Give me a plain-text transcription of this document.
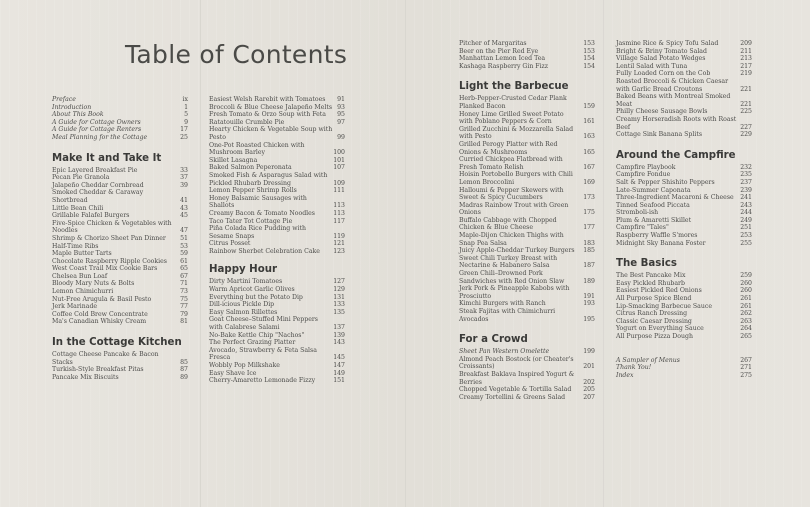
Table of Contents
Preface	ix
Introduction	1
About This Book	5
A Guide for Cottage Owners	9
A Guide for Cottage Renters	17
Meal Planning for the Cottage	25
Make It and Take It
Epic Layered Breakfast Pie	33
Pecan Pie Granola	37
Jalapeño Cheddar Cornbread	39
Smoked Cheddar & Caraway Shortbread	41
Little Bean Chili	43
Grillable Falafel Burgers	45
Five-Spice Chicken & Vegetables with Noodles	47
Shrimp & Chorizo Sheet Pan Dinner	51
Half-Time Ribs	53
Maple Butter Tarts	59
Chocolate Raspberry Ripple Cookies	61
West Coast Trail Mix Cookie Bars	65
Chelsea Bun Loaf	67
Bloody Mary Nuts & Bolts	71
Lemon Chimichurri	73
Nut-Free Arugula & Basil Pesto	75
Jerk Marinade	77
Coffee Cold Brew Concentrate	79
Ma's Canadian Whisky Cream	81
In the Cottage Kitchen
Cottage Cheese Pancake & Bacon Stacks	85
Turkish-Style Breakfast Pitas	87
Pancake Mix Biscuits	89
Easiest Welsh Rarebit with Tomatoes	91
Broccoli & Blue Cheese Jalapeño Melts 93
Fresh Tomato & Orzo Soup with Feta	95
Ratatouille Crumble Pie	97
Hearty Chicken & Vegetable Soup with Pesto	99
One-Pot Roasted Chicken with Mushroom Barley	100
Skillet Lasagna	101
Baked Salmon Peperonata	107
Smoked Fish & Asparagus Salad with Pickled Rhubarb Dressing	109
Lemon Pepper Shrimp Rolls	111
Honey Balsamic Sausages with Shallots	113
Creamy Bacon & Tomato Noodles	113
Taco Tater Tot Cottage Pie	117
Piña Colada Rice Pudding with Sesame Snaps	119
Citrus Posset	121
Rainbow Sherbet Celebration Cake	123
Happy Hour
Dirty Martini Tomatoes	127
Warm Apricot Garlic Olives	129
Everything but the Potato Dip	131
Dill-icious Pickle Dip	133
Easy Salmon Rillettes	135
Goat Cheese–Stuffed Mini Peppers with Calabrese Salami	137
No-Bake Kettle Chip "Nachos"	139
The Perfect Grazing Platter	143
Avocado, Strawberry & Feta Salsa Fresca	145
Wobbly Pop Milkshake	147
Easy Shave Ice	149
Cherry-Amaretto Lemonade Fizzy	151
Pitcher of Margaritas	153
Beer on the Pier Red Eye	153
Manhattan Lemon Iced Tea	154
Kashaga Raspberry Gin Fizz	154
Light the Barbecue
Herb-Pepper-Crusted Cedar Plank Planked Bacon	159
Honey Lime Grilled Sweet Potato with Poblano Peppers & Corn	161
Grilled Zucchini & Mozzarella Salad with Pesto	163
Grilled Perogy Platter with Red Onions & Mushrooms	165
Curried Chickpea Flatbread with Fresh Tomato Relish	167
Hoisin Portobello Burgers with Chili Lemon Broccolini	169
Halloumi & Pepper Skewers with Sweet & Spicy Cucumbers	173
Madras Rainbow Trout with Green Onions	175
Buffalo Cabbage with Chopped Chicken & Blue Cheese	177
Maple-Dijon Chicken Thighs with Snap Pea Salsa	183
Juicy Apple-Cheddar Turkey Burgers	185
Sweet Chili Turkey Breast with Nectarine & Habanero Salsa	187
Green Chili–Drowned Pork Sandwiches with Red Onion Slaw	189
Jerk Pork & Pineapple Kabobs with Prosciutto	191
Kimchi Burgers with Ranch	193
Steak Fajitas with Chimichurri Avocados	195
For a Crowd
Sheet Pan Western Omelette	199
Almond Peach Bostock (or Cheater's Croissants)	201
Breakfast Baklava Inspired Yogurt & Berries	202
Chopped Vegetable & Tortilla Salad	205
Creamy Tortellini & Greens Salad	207
Jasmine Rice & Spicy Tofu Salad	209
Bright & Briny Tomato Salad	211
Village Salad Potato Wedges	213
Lentil Salad with Tuna	217
Fully Loaded Corn on the Cob	219
Roasted Broccoli & Chicken Caesar with Garlic Bread Croutons	221
Baked Beans with Montreal Smoked Meat	221
Philly Cheese Sausage Bowls	225
Creamy Horseradish Roots with Roast Beef	227
Cottage Sink Banana Splits	229
Around the Campfire
Campfire Playbook	232
Campfire Fondue	235
Salt & Pepper Shishito Peppers	237
Late-Summer Caponata	239
Three-Ingredient Macaroni & Cheese	241
Tinned Seafood Piccata	243
Stromboli-ish	244
Plum & Amaretti Skillet	249
Campfire "Tales"	251
Raspberry Waffle S'mores	253
Midnight Sky Banana Foster	255
The Basics
The Best Pancake Mix	259
Easy Pickled Rhubarb	260
Easiest Pickled Red Onions	260
All Purpose Spice Blend	261
Lip-Smacking Barbecue Sauce	261
Citrus Ranch Dressing	262
Classic Caesar Dressing	263
Yogurt on Everything Sauce	264
All Purpose Pizza Dough	265
A Sampler of Menus	267
Thank You!	271
Index	275
